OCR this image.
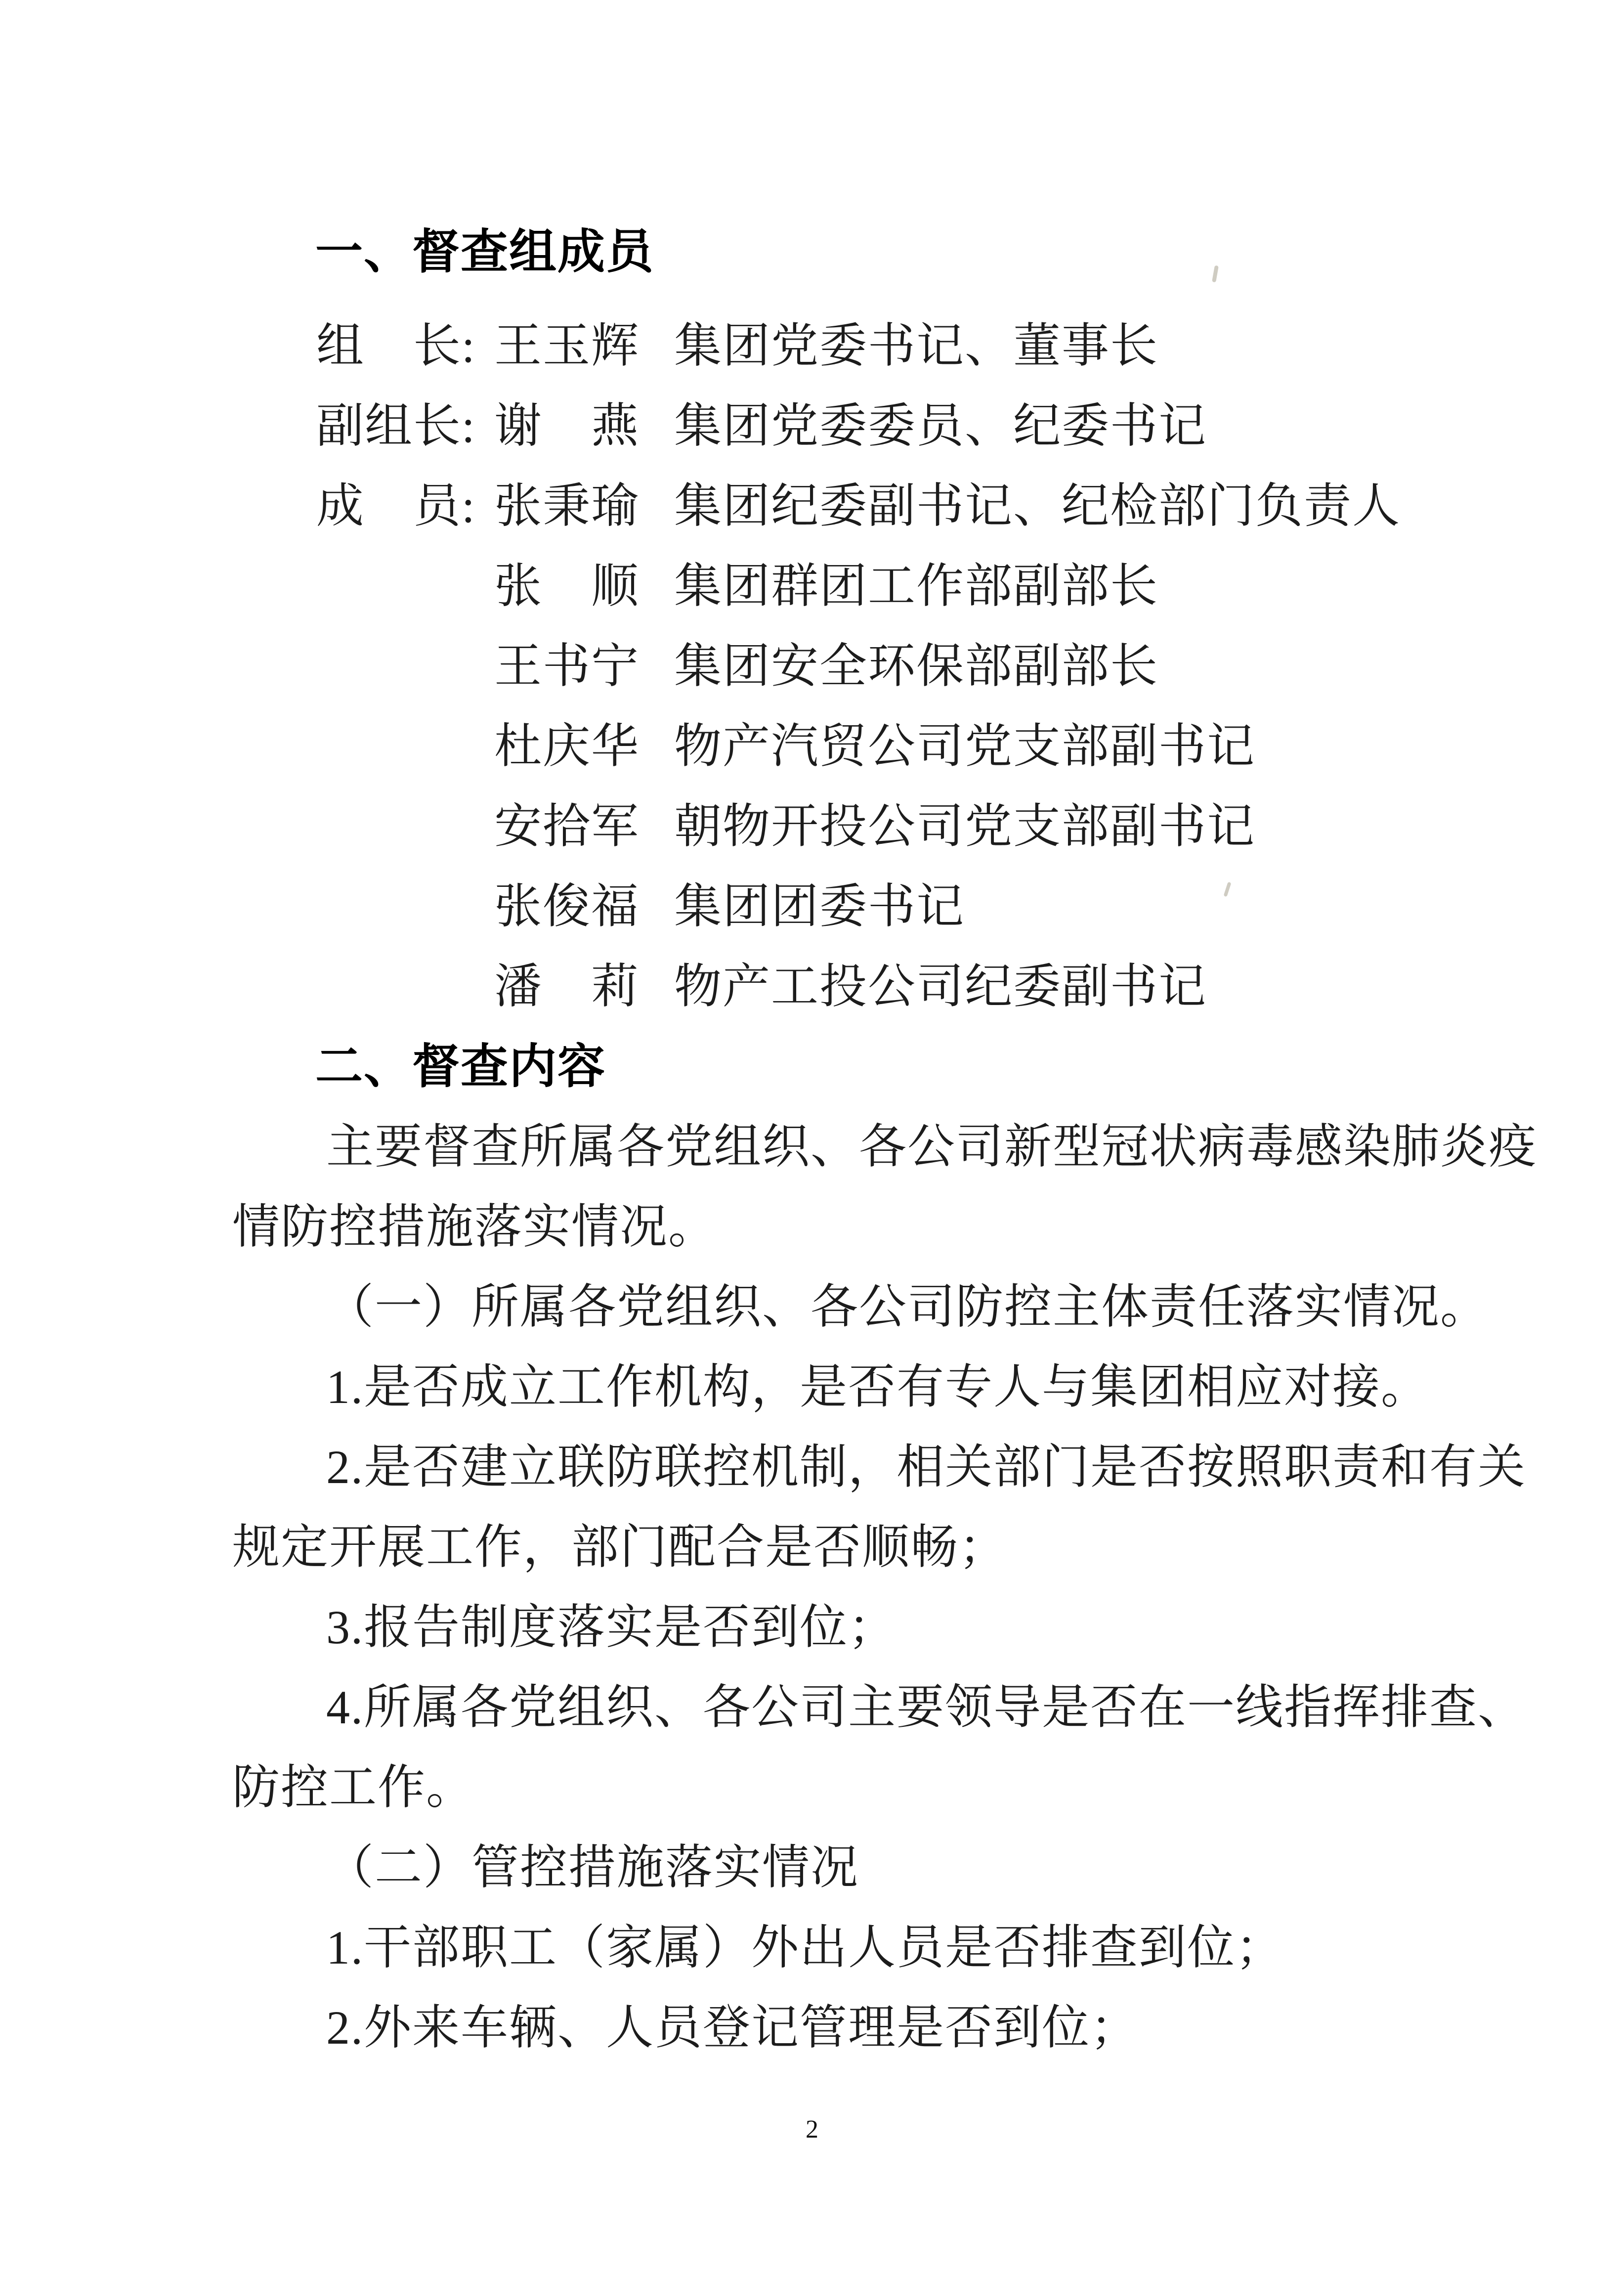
一、督查组成员
组　长: 王玉辉 集团党委书记、董事长
副组长: 谢　燕 集团党委委员、纪委书记
成　员: 张秉瑜 集团纪委副书记、纪检部门负责人
张　顺 集团群团工作部副部长
王书宁 集团安全环保部副部长
杜庆华 物产汽贸公司党支部副书记
安拾军 朝物开投公司党支部副书记
张俊福 集团团委书记
潘　莉 物产工投公司纪委副书记
二、督查内容

主要督查所属各党组织、各公司新型冠状病毒感染肺炎疫

情防控措施落实情况。

（一）所属各党组织、各公司防控主体责任落实情况。

1.是否成立工作机构，是否有专人与集团相应对接。

2.是否建立联防联控机制，相关部门是否按照职责和有关

规定开展工作，部门配合是否顺畅；

3.报告制度落实是否到位；

4.所属各党组织、各公司主要领导是否在一线指挥排查、

防控工作。

（二）管控措施落实情况

1.干部职工（家属）外出人员是否排查到位；

2.外来车辆、人员登记管理是否到位；

2
